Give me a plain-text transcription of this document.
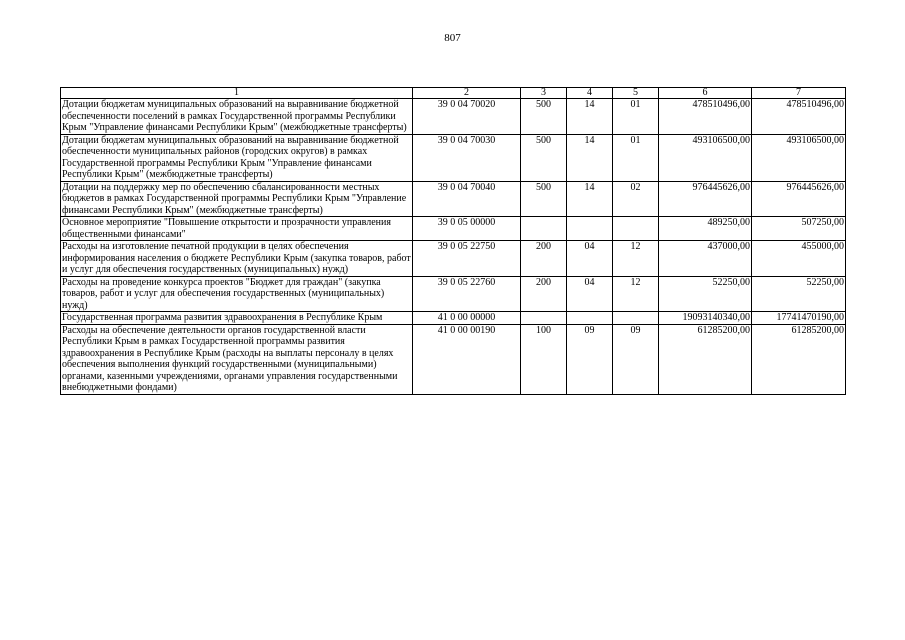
807
1	2	3	4	5	6	7
Дотации бюджетам муниципальных образований на выравнивание бюджетной обеспеченности поселений в рамках Государственной программы Республики Крым "Управление финансами Республики Крым" (межбюджетные трансферты)	39 0 04 70020	500	14	01	478510496,00	478510496,00
Дотации бюджетам муниципальных образований на выравнивание бюджетной обеспеченности муниципальных районов (городских округов) в рамках Государственной программы Республики Крым "Управление финансами Республики Крым" (межбюджетные трансферты)	39 0 04 70030	500	14	01	493106500,00	493106500,00
Дотации на поддержку мер по обеспечению сбалансированности местных бюджетов в рамках Государственной программы Республики Крым "Управление финансами Республики Крым" (межбюджетные трансферты)	39 0 04 70040	500	14	02	976445626,00	976445626,00
Основное мероприятие "Повышение открытости и прозрачности управления общественными финансами"	39 0 05 00000				489250,00	507250,00
Расходы на изготовление печатной продукции в целях обеспечения информирования населения о бюджете Республики Крым (закупка товаров, работ и услуг для обеспечения государственных (муниципальных) нужд)	39 0 05 22750	200	04	12	437000,00	455000,00
Расходы на проведение конкурса проектов "Бюджет для граждан" (закупка товаров, работ и услуг для обеспечения государственных (муниципальных) нужд)	39 0 05 22760	200	04	12	52250,00	52250,00
Государственная программа развития здравоохранения в Республике Крым	41 0 00 00000				19093140340,00	17741470190,00
Расходы на обеспечение деятельности органов государственной власти Республики Крым в рамках Государственной программы развития здравоохранения в Республике Крым (расходы на выплаты персоналу в целях обеспечения выполнения функций государственными (муниципальными) органами, казенными учреждениями, органами управления государственными внебюджетными фондами)	41 0 00 00190	100	09	09	61285200,00	61285200,00
